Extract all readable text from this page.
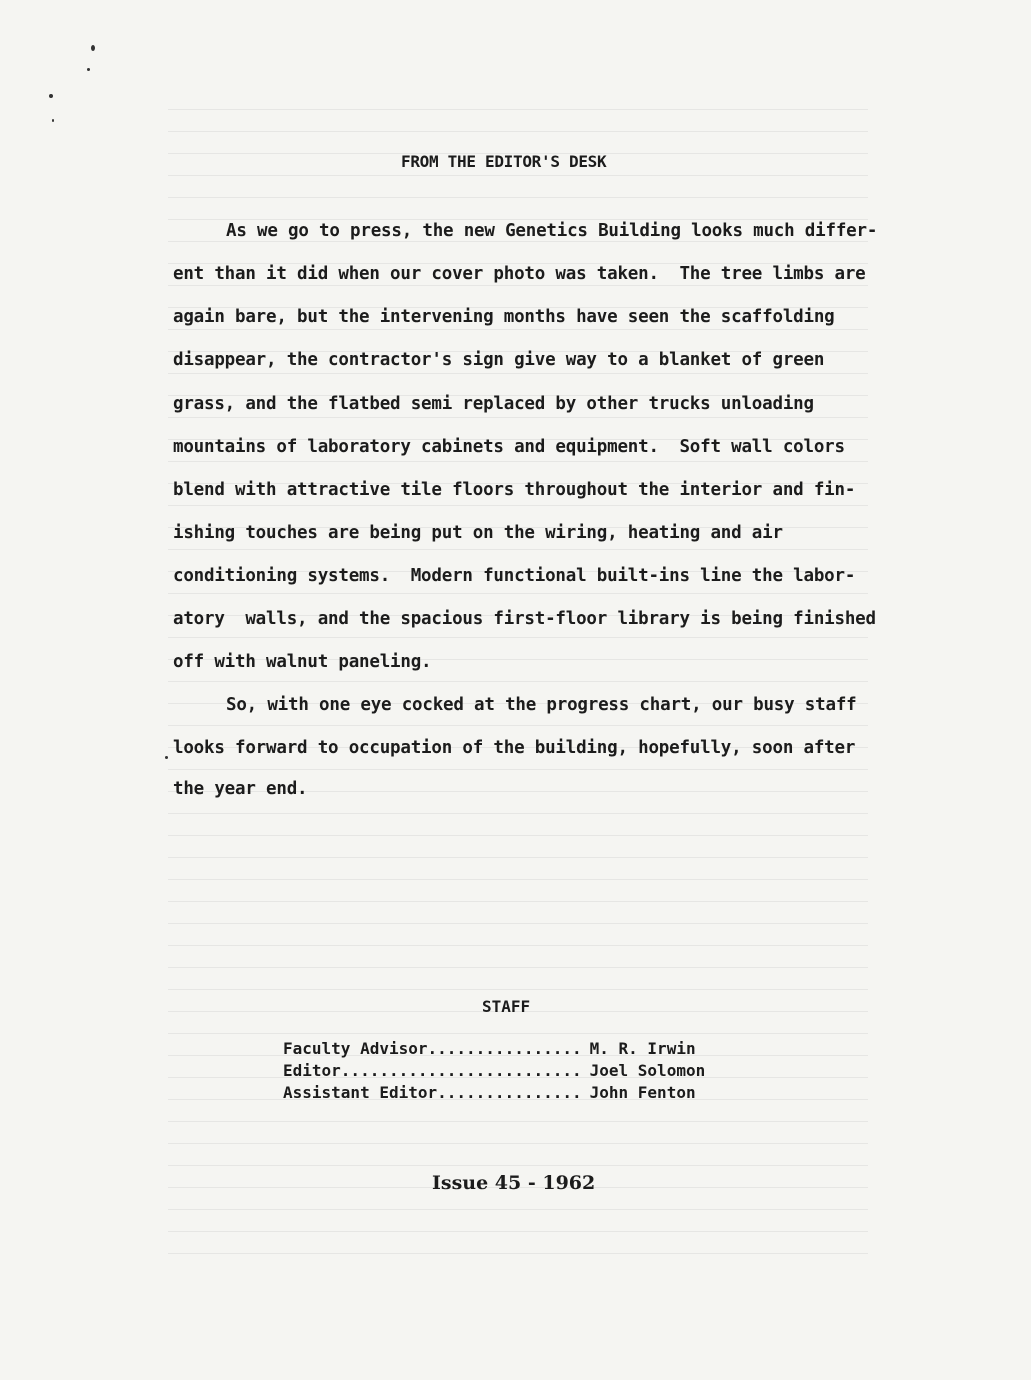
FROM THE EDITOR'S DESK
As we go to press, the new Genetics Building looks much differ-
ent than it did when our cover photo was taken.  The tree limbs are
again bare, but the intervening months have seen the scaffolding
disappear, the contractor's sign give way to a blanket of green
grass, and the flatbed semi replaced by other trucks unloading
mountains of laboratory cabinets and equipment.  Soft wall colors
blend with attractive tile floors throughout the interior and fin-
ishing touches are being put on the wiring, heating and air
conditioning systems.  Modern functional built-ins line the labor-
atory  walls, and the spacious first-floor library is being finished
off with walnut paneling.
So, with one eye cocked at the progress chart, our busy staff
looks forward to occupation of the building, hopefully, soon after
the year end.
STAFF
Faculty Advisor................ M. R. Irwin
Editor......................... Joel Solomon
Assistant Editor............... John Fenton
Issue 45 - 1962
